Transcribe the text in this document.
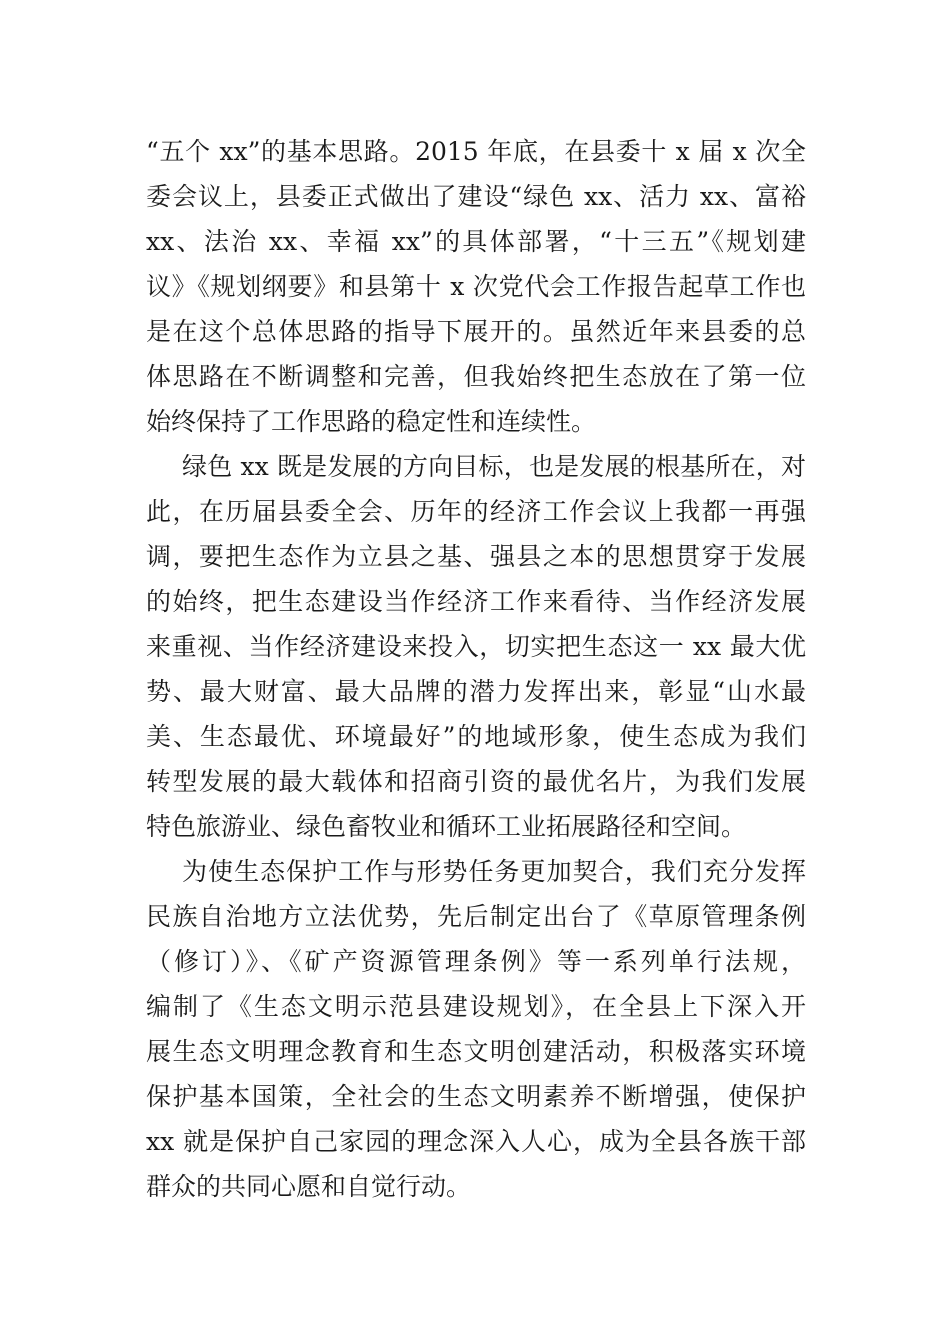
“五个 xx”的基本思路。2015 年底，在县委十 x 届 x 次全
委会议上，县委正式做出了建设“绿色 xx、活力 xx、富裕
xx、法治 xx、幸福 xx”的具体部署，“十三五”《规划建
议》《规划纲要》和县第十 x 次党代会工作报告起草工作也
是在这个总体思路的指导下展开的。虽然近年来县委的总
体思路在不断调整和完善，但我始终把生态放在了第一位
始终保持了工作思路的稳定性和连续性。
绿色 xx 既是发展的方向目标，也是发展的根基所在，对
此，在历届县委全会、历年的经济工作会议上我都一再强
调，要把生态作为立县之基、强县之本的思想贯穿于发展
的始终，把生态建设当作经济工作来看待、当作经济发展
来重视、当作经济建设来投入，切实把生态这一 xx 最大优
势、最大财富、最大品牌的潜力发挥出来，彰显“山水最
美、生态最优、环境最好”的地域形象，使生态成为我们
转型发展的最大载体和招商引资的最优名片，为我们发展
特色旅游业、绿色畜牧业和循环工业拓展路径和空间。
为使生态保护工作与形势任务更加契合，我们充分发挥
民族自治地方立法优势，先后制定出台了《草原管理条例
（修订）》、《矿产资源管理条例》等一系列单行法规，
编制了《生态文明示范县建设规划》，在全县上下深入开
展生态文明理念教育和生态文明创建活动，积极落实环境
保护基本国策，全社会的生态文明素养不断增强，使保护
xx 就是保护自己家园的理念深入人心，成为全县各族干部
群众的共同心愿和自觉行动。
